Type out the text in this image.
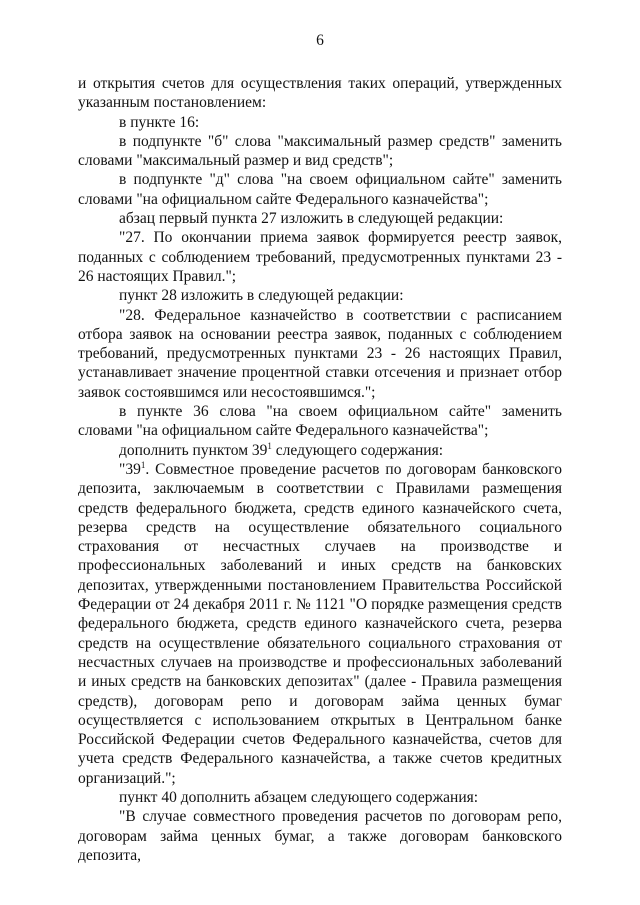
6

и открытия счетов для осуществления таких операций, утвержденных указанным постановлением:

в пункте 16:

в подпункте "б" слова "максимальный размер средств" заменить словами "максимальный размер и вид средств";

в подпункте "д" слова "на своем официальном сайте" заменить словами "на официальном сайте Федерального казначейства";

абзац первый пункта 27 изложить в следующей редакции:

"27. По окончании приема заявок формируется реестр заявок, поданных с соблюдением требований, предусмотренных пунктами 23 - 26 настоящих Правил.";

пункт 28 изложить в следующей редакции:

"28. Федеральное казначейство в соответствии с расписанием отбора заявок на основании реестра заявок, поданных с соблюдением требований, предусмотренных пунктами 23 - 26 настоящих Правил, устанавливает значение процентной ставки отсечения и признает отбор заявок состоявшимся или несостоявшимся.";

в пункте 36 слова "на своем официальном сайте" заменить словами "на официальном сайте Федерального казначейства";

дополнить пунктом 39$^1$ следующего содержания:

"39$^1$. Совместное проведение расчетов по договорам банковского депозита, заключаемым в соответствии с Правилами размещения средств федерального бюджета, средств единого казначейского счета, резерва средств на осуществление обязательного социального страхования от несчастных случаев на производстве и профессиональных заболеваний и иных средств на банковских депозитах, утвержденными постановлением Правительства Российской Федерации от 24 декабря 2011 г. № 1121 "О порядке размещения средств федерального бюджета, средств единого казначейского счета, резерва средств на осуществление обязательного социального страхования от несчастных случаев на производстве и профессиональных заболеваний и иных средств на банковских депозитах" (далее - Правила размещения средств), договорам репо и договорам займа ценных бумаг осуществляется с использованием открытых в Центральном банке Российской Федерации счетов Федерального казначейства, счетов для учета средств Федерального казначейства, а также счетов кредитных организаций.";

пункт 40 дополнить абзацем следующего содержания:

"В случае совместного проведения расчетов по договорам репо, договорам займа ценных бумаг, а также договорам банковского депозита,
